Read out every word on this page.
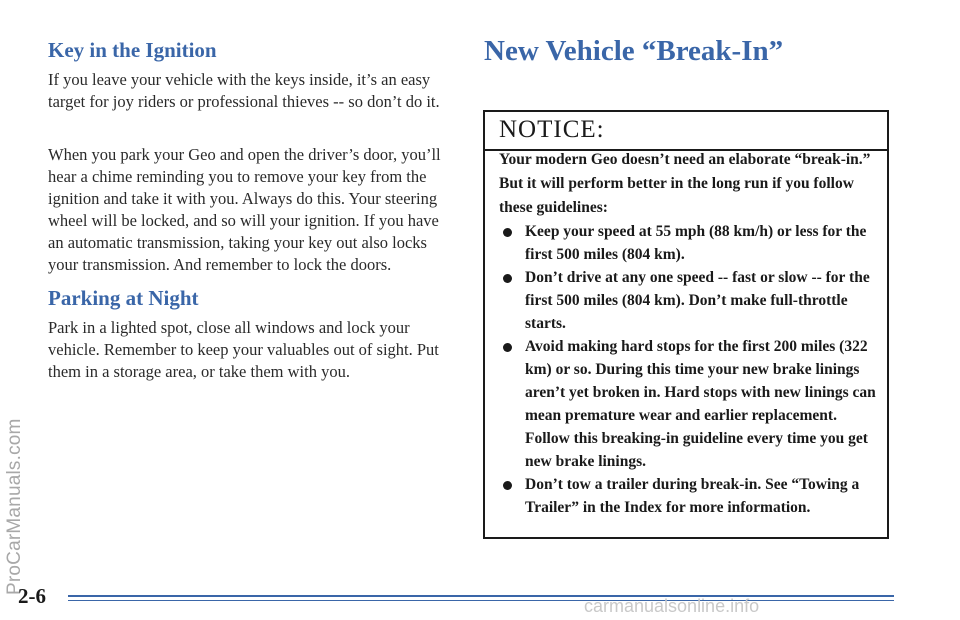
ProCarManuals.com
Key in the Ignition

If you leave your vehicle with the keys inside, it’s an easy target for joy riders or professional thieves -- so don’t do it.

When you park your Geo and open the driver’s door, you’ll hear a chime reminding you to remove your key from the ignition and take it with you. Always do this. Your steering wheel will be locked, and so will your ignition. If you have an automatic transmission, taking your key out also locks your transmission. And remember to lock the doors.

Parking at Night

Park in a lighted spot, close all windows and lock your vehicle. Remember to keep your valuables out of sight. Put them in a storage area, or take them with you.

New Vehicle “Break-In”
NOTICE:

Your modern Geo doesn’t need an elaborate “break-in.” But it will perform better in the long run if you follow these guidelines:

Keep your speed at 55 mph (88 km/h) or less for the first 500 miles (804 km).
Don’t drive at any one speed -- fast or slow -- for the first 500 miles (804 km). Don’t make full-throttle starts.
Avoid making hard stops for the first 200 miles (322 km) or so. During this time your new brake linings aren’t yet broken in. Hard stops with new linings can mean premature wear and earlier replacement. Follow this breaking-in guideline every time you get new brake linings.
Don’t tow a trailer during break-in. See “Towing a Trailer” in the Index for more information.

2-6	carmanualsonline.info
